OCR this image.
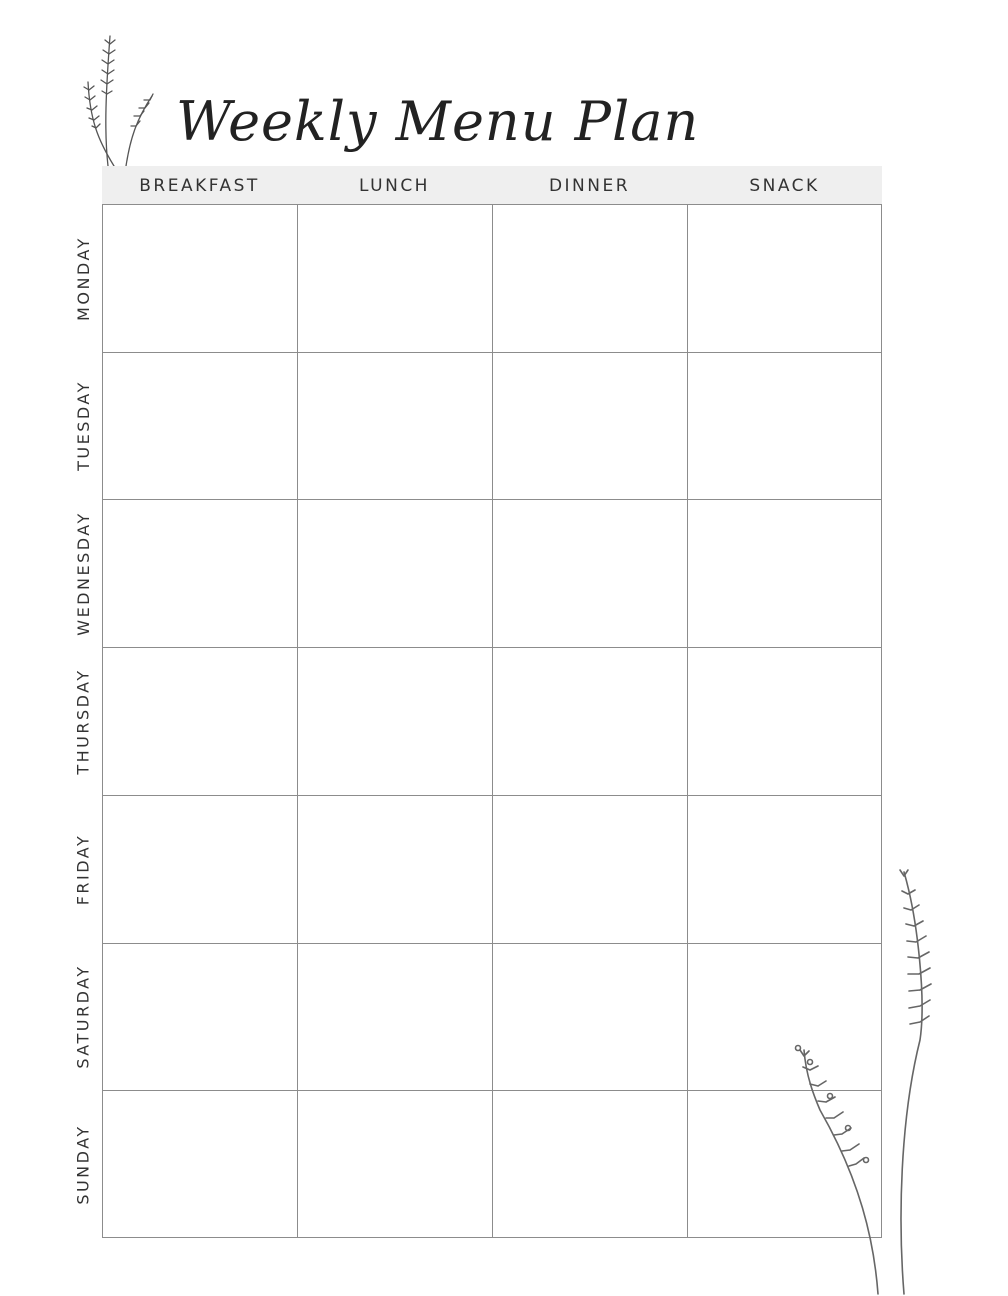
Weekly Menu Plan
BREAKFAST	LUNCH	DINNER	SNACK
MONDAY
TUESDAY
WEDNESDAY
THURSDAY
FRIDAY
SATURDAY
SUNDAY
